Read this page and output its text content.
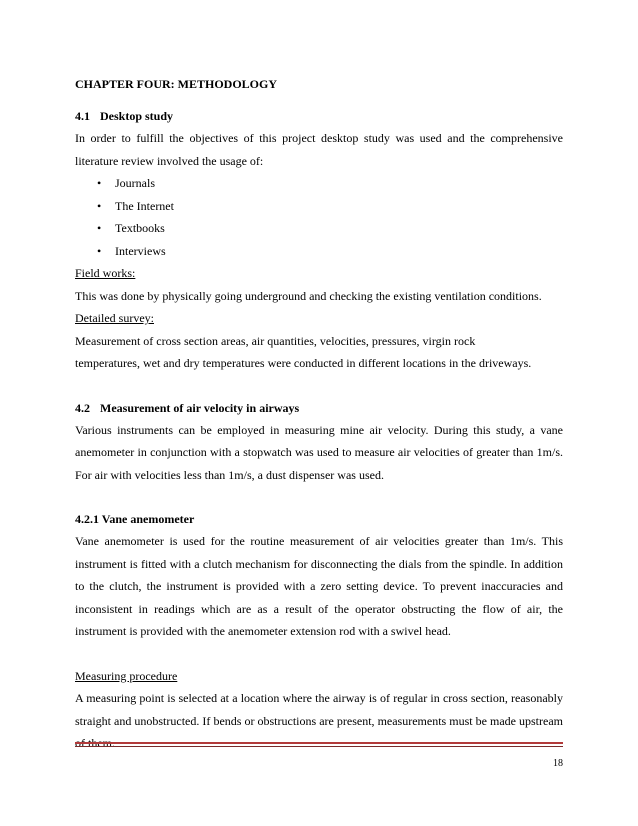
CHAPTER FOUR: METHODOLOGY
4.1 Desktop study

In order to fulfill the objectives of this project desktop study was used and the comprehensive literature review involved the usage of:

• Journals
• The Internet
• Textbooks
• Interviews
Field works:

This was done by physically going underground and checking the existing ventilation conditions.

Detailed survey:
Measurement of cross section areas, air quantities, velocities, pressures, virgin rock
temperatures, wet and dry temperatures were conducted in different locations in the driveways.
4.2 Measurement of air velocity in airways

Various instruments can be employed in measuring mine air velocity. During this study, a vane anemometer in conjunction with a stopwatch was used to measure air velocities of greater than 1m/s. For air with velocities less than 1m/s, a dust dispenser was used.

4.2.1 Vane anemometer

Vane anemometer is used for the routine measurement of air velocities greater than 1m/s. This instrument is fitted with a clutch mechanism for disconnecting the dials from the spindle. In addition to the clutch, the instrument is provided with a zero setting device. To prevent inaccuracies and inconsistent in readings which are as a result of the operator obstructing the flow of air, the instrument is provided with the anemometer extension rod with a swivel head.

Measuring procedure

A measuring point is selected at a location where the airway is of regular in cross section, reasonably straight and unobstructed. If bends or obstructions are present, measurements must be made upstream

18
